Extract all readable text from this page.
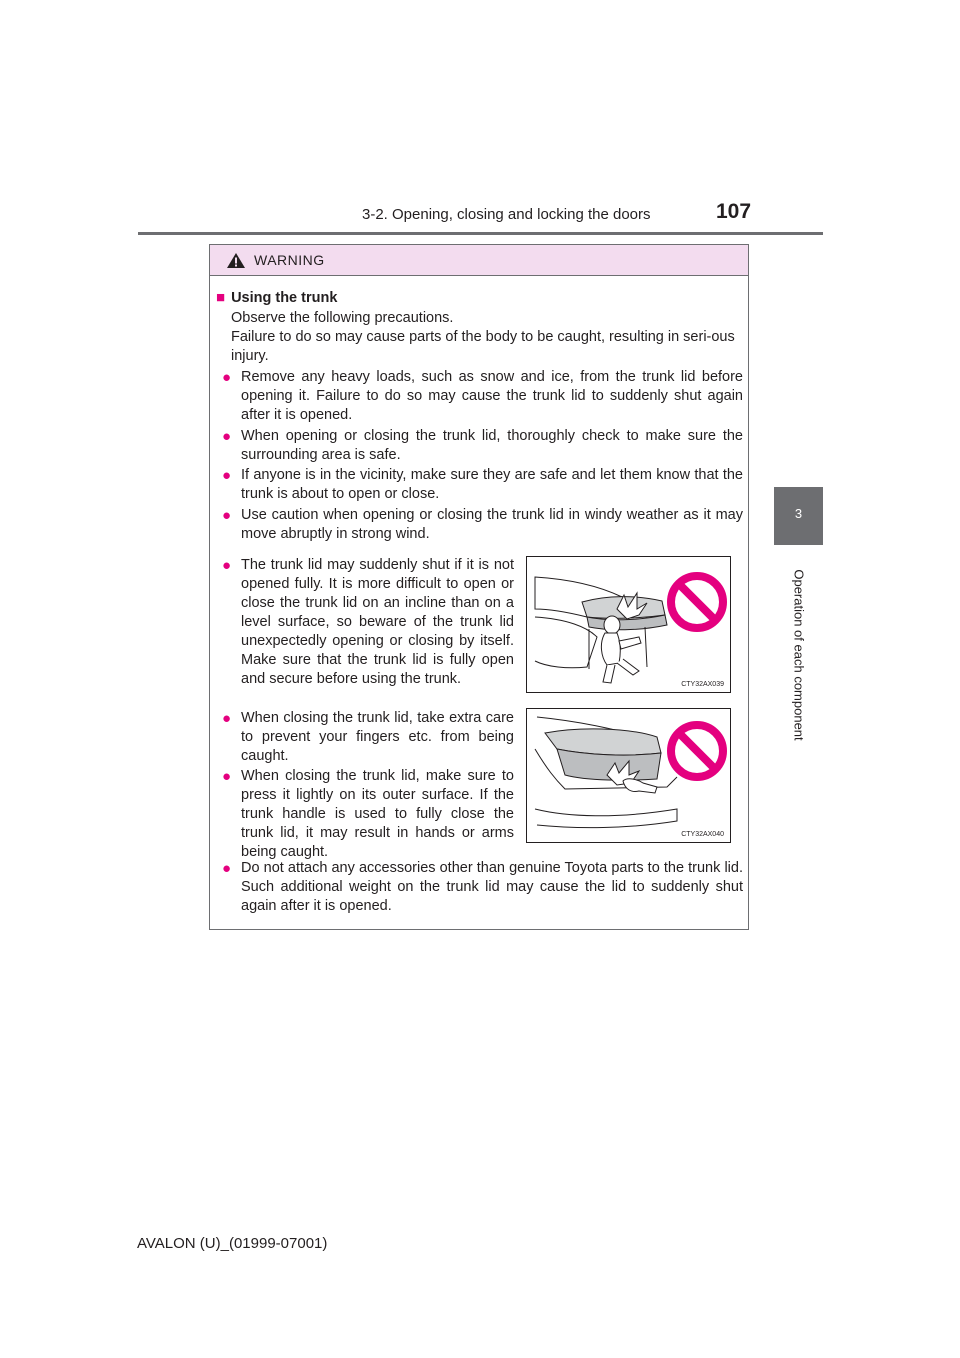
3-2. Opening, closing and locking the doors	107
3
Operation of each component
WARNING
■ Using the trunk

Observe the following precautions.

Failure to do so may cause parts of the body to be caught, resulting in seri-ous injury.

● Remove any heavy loads, such as snow and ice, from the trunk lid before opening it. Failure to do so may cause the trunk lid to suddenly shut again after it is opened.
● When opening or closing the trunk lid, thoroughly check to make sure the surrounding area is safe.
● If anyone is in the vicinity, make sure they are safe and let them know that the trunk is about to open or close.
● Use caution when opening or closing the trunk lid in windy weather as it may move abruptly in strong wind.
● The trunk lid may suddenly shut if it is not opened fully. It is more difficult to open or close the trunk lid on an incline than on a level surface, so beware of the trunk lid unexpectedly opening or closing by itself. Make sure that the trunk lid is fully open and secure before using the trunk.
● When closing the trunk lid, take extra care to prevent your fingers etc. from being caught.
● When closing the trunk lid, make sure to press it lightly on its outer surface. If the trunk handle is used to fully close the trunk lid, it may result in hands or arms being caught.
● Do not attach any accessories other than genuine Toyota parts to the trunk lid. Such additional weight on the trunk lid may cause the lid to suddenly shut again after it is opened.
CTY32AX039
CTY32AX040
AVALON (U)_(01999-07001)
